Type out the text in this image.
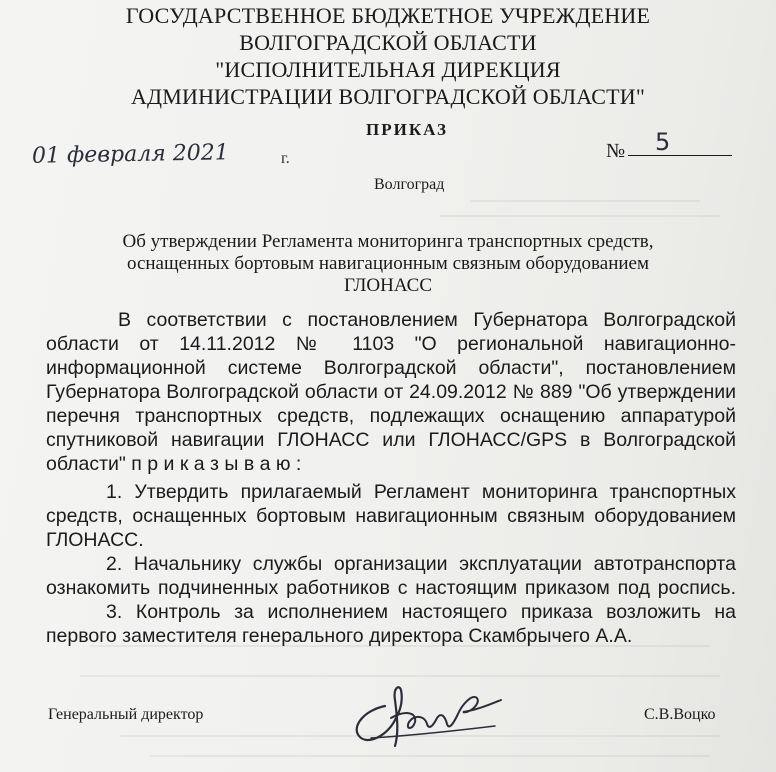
ГОСУДАРСТВЕННОЕ БЮДЖЕТНОЕ УЧРЕЖДЕНИЕ
ВОЛГОГРАДСКОЙ ОБЛАСТИ
"ИСПОЛНИТЕЛЬНАЯ ДИРЕКЦИЯ
АДМИНИСТРАЦИИ ВОЛГОГРАДСКОЙ ОБЛАСТИ"
ПРИКАЗ
01 февраля 2021	г.	№ 5
Волгоград
Об утверждении Регламента мониторинга транспортных средств,
оснащенных бортовым навигационным связным оборудованием
ГЛОНАСС
В соответствии с постановлением Губернатора Волгоградской
области от 14.11.2012 № 1103 "О региональной навигационно-
информационной системе Волгоградской области", постановлением
Губернатора Волгоградской области от 24.09.2012 № 889 "Об утверждении
перечня транспортных средств, подлежащих оснащению аппаратурой
спутниковой навигации ГЛОНАСС или ГЛОНАСС/GPS в Волгоградской
области" п р и к а з ы в а ю :
1. Утвердить прилагаемый Регламент мониторинга транспортных
средств, оснащенных бортовым навигационным связным оборудованием
ГЛОНАСС.
2. Начальнику службы организации эксплуатации автотранспорта
ознакомить подчиненных работников с настоящим приказом под роспись.
3. Контроль за исполнением настоящего приказа возложить на
первого заместителя генерального директора Скамбрычего А.А.
Генеральный директор	С.В.Воцко
